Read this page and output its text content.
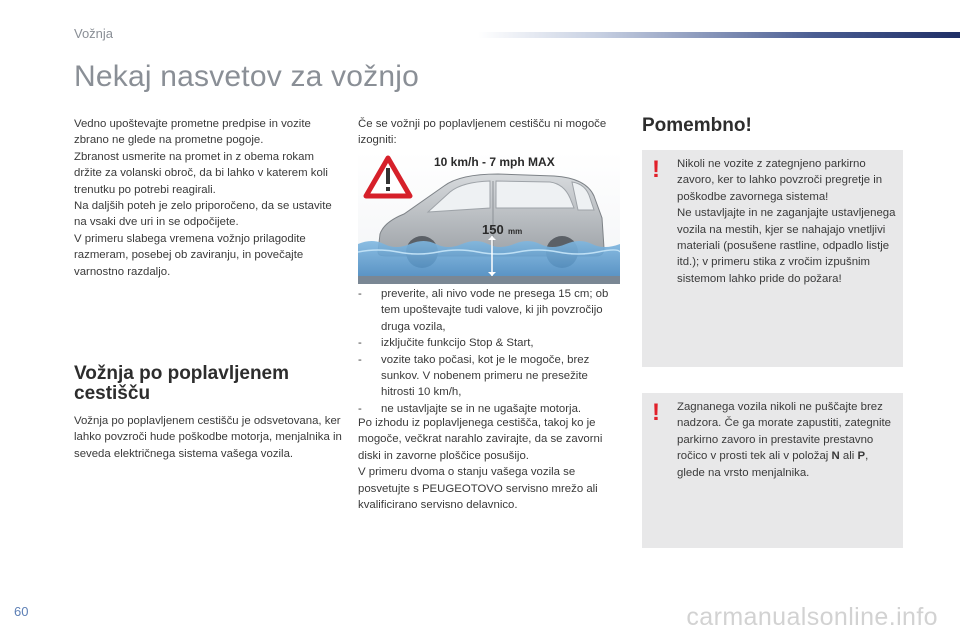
Vožnja
Nekaj nasvetov za vožnjo

Vedno upoštevajte prometne predpise in vozite zbrano ne glede na prometne pogoje.

Zbranost usmerite na promet in z obema rokam držite za volanski obroč, da bi lahko v katerem koli trenutku po potrebi reagirali.

Na daljših poteh je zelo priporočeno, da se ustavite na vsaki dve uri in se odpočijete.

V primeru slabega vremena vožnjo prilagodite razmeram, posebej ob zaviranju, in povečajte varnostno razdaljo.

Vožnja po poplavljenem cestišču

Vožnja po poplavljenem cestišču je odsvetovana, ker lahko povzroči hude poškodbe motorja, menjalnika in seveda električnega sistema vašega vozila.

Če se vožnji po poplavljenem cestišču ni mogoče izogniti:

10 km/h - 7 mph MAX
150 mm
- preverite, ali nivo vode ne presega 15 cm; ob tem upoštevajte tudi valove, ki jih povzročijo druga vozila,
- izključite funkcijo Stop & Start,
- vozite tako počasi, kot je le mogoče, brez sunkov. V nobenem primeru ne presežite hitrosti 10 km/h,
- ne ustavljajte se in ne ugašajte motorja.

Po izhodu iz poplavljenega cestišča, takoj ko je mogoče, večkrat narahlo zavirajte, da se zavorni diski in zavorne ploščice posušijo.
V primeru dvoma o stanju vašega vozila se posvetujte s PEUGEOTOVO servisno mrežo ali kvalificirano servisno delavnico.

Pomembno!
! Nikoli ne vozite z zategnjeno parkirno zavoro, ker to lahko povzroči pregretje in poškodbe zavornega sistema!

Ne ustavljajte in ne zaganjajte ustavljenega vozila na mestih, kjer se nahajajo vnetljivi materiali (posušene rastline, odpadlo listje itd.); v primeru stika z vročim izpušnim sistemom lahko pride do požara!

! Zagnanega vozila nikoli ne puščajte brez nadzora. Če ga morate zapustiti, zategnite parkirno zavoro in prestavite prestavno ročico v prosti tek ali v položaj N ali P, glede na vrsto menjalnika.

60	carmanualsonline.info
